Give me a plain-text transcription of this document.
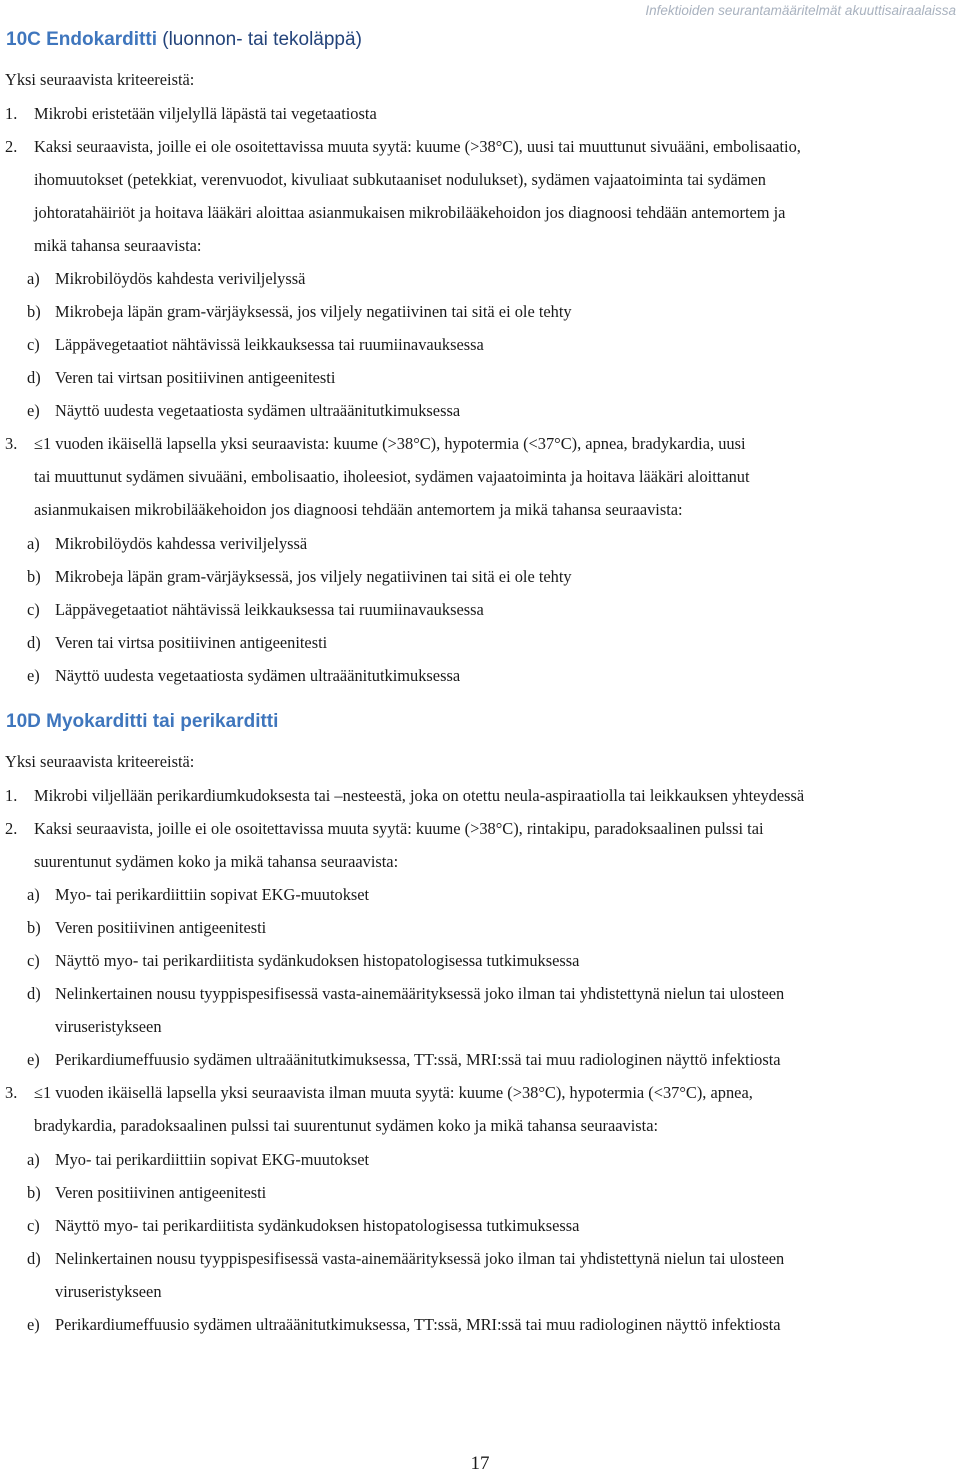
Infektioiden seurantamääritelmät akuuttisairaalaissa
10C Endokarditti (luonnon- tai tekoläppä)

Yksi seuraavista kriteereistä:

1. Mikrobi eristetään viljelyllä läpästä tai vegetaatiosta

2. Kaksi seuraavista, joille ei ole osoitettavissa muuta syytä: kuume (>38°C), uusi tai muuttunut sivuääni, embolisaatio,

ihomuutokset (petekkiat, verenvuodot, kivuliaat subkutaaniset nodulukset), sydämen vajaatoiminta tai sydämen

johtoratahäiriöt ja hoitava lääkäri aloittaa asianmukaisen mikrobilääkehoidon jos diagnoosi tehdään antemortem ja

mikä tahansa seuraavista:

a) Mikrobilöydös kahdesta veriviljelyssä

b) Mikrobeja läpän gram-värjäyksessä, jos viljely negatiivinen tai sitä ei ole tehty

c) Läppävegetaatiot nähtävissä leikkauksessa tai ruumiinavauksessa

d) Veren tai virtsan positiivinen antigeenitesti

e) Näyttö uudesta vegetaatiosta sydämen ultraäänitutkimuksessa

3. ≤1 vuoden ikäisellä lapsella yksi seuraavista: kuume (>38°C), hypotermia (<37°C), apnea, bradykardia, uusi

tai muuttunut sydämen sivuääni, embolisaatio, iholeesiot, sydämen vajaatoiminta ja hoitava lääkäri aloittanut

asianmukaisen mikrobilääkehoidon jos diagnoosi tehdään antemortem ja mikä tahansa seuraavista:

a) Mikrobilöydös kahdessa veriviljelyssä

b) Mikrobeja läpän gram-värjäyksessä, jos viljely negatiivinen tai sitä ei ole tehty

c) Läppävegetaatiot nähtävissä leikkauksessa tai ruumiinavauksessa

d) Veren tai virtsa positiivinen antigeenitesti

e) Näyttö uudesta vegetaatiosta sydämen ultraäänitutkimuksessa

10D Myokarditti tai perikarditti

Yksi seuraavista kriteereistä:

1. Mikrobi viljellään perikardiumkudoksesta tai –nesteestä, joka on otettu neula-aspiraatiolla tai leikkauksen yhteydessä

2. Kaksi seuraavista, joille ei ole osoitettavissa muuta syytä: kuume (>38°C), rintakipu, paradoksaalinen pulssi tai

suurentunut sydämen koko ja mikä tahansa seuraavista:

a) Myo- tai perikardiittiin sopivat EKG-muutokset

b) Veren positiivinen antigeenitesti

c) Näyttö myo- tai perikardiitista sydänkudoksen histopatologisessa tutkimuksessa

d) Nelinkertainen nousu tyyppispesifisessä vasta-ainemäärityksessä joko ilman tai yhdistettynä nielun tai ulosteen

viruseristykseen

e) Perikardiumeffuusio sydämen ultraäänitutkimuksessa, TT:ssä, MRI:ssä tai muu radiologinen näyttö infektiosta

3. ≤1 vuoden ikäisellä lapsella yksi seuraavista ilman muuta syytä: kuume (>38°C), hypotermia (<37°C), apnea,

bradykardia, paradoksaalinen pulssi tai suurentunut sydämen koko ja mikä tahansa seuraavista:

a) Myo- tai perikardiittiin sopivat EKG-muutokset

b) Veren positiivinen antigeenitesti

c) Näyttö myo- tai perikardiitista sydänkudoksen histopatologisessa tutkimuksessa

d) Nelinkertainen nousu tyyppispesifisessä vasta-ainemäärityksessä joko ilman tai yhdistettynä nielun tai ulosteen

viruseristykseen

e) Perikardiumeffuusio sydämen ultraäänitutkimuksessa, TT:ssä, MRI:ssä tai muu radiologinen näyttö infektiosta

17
